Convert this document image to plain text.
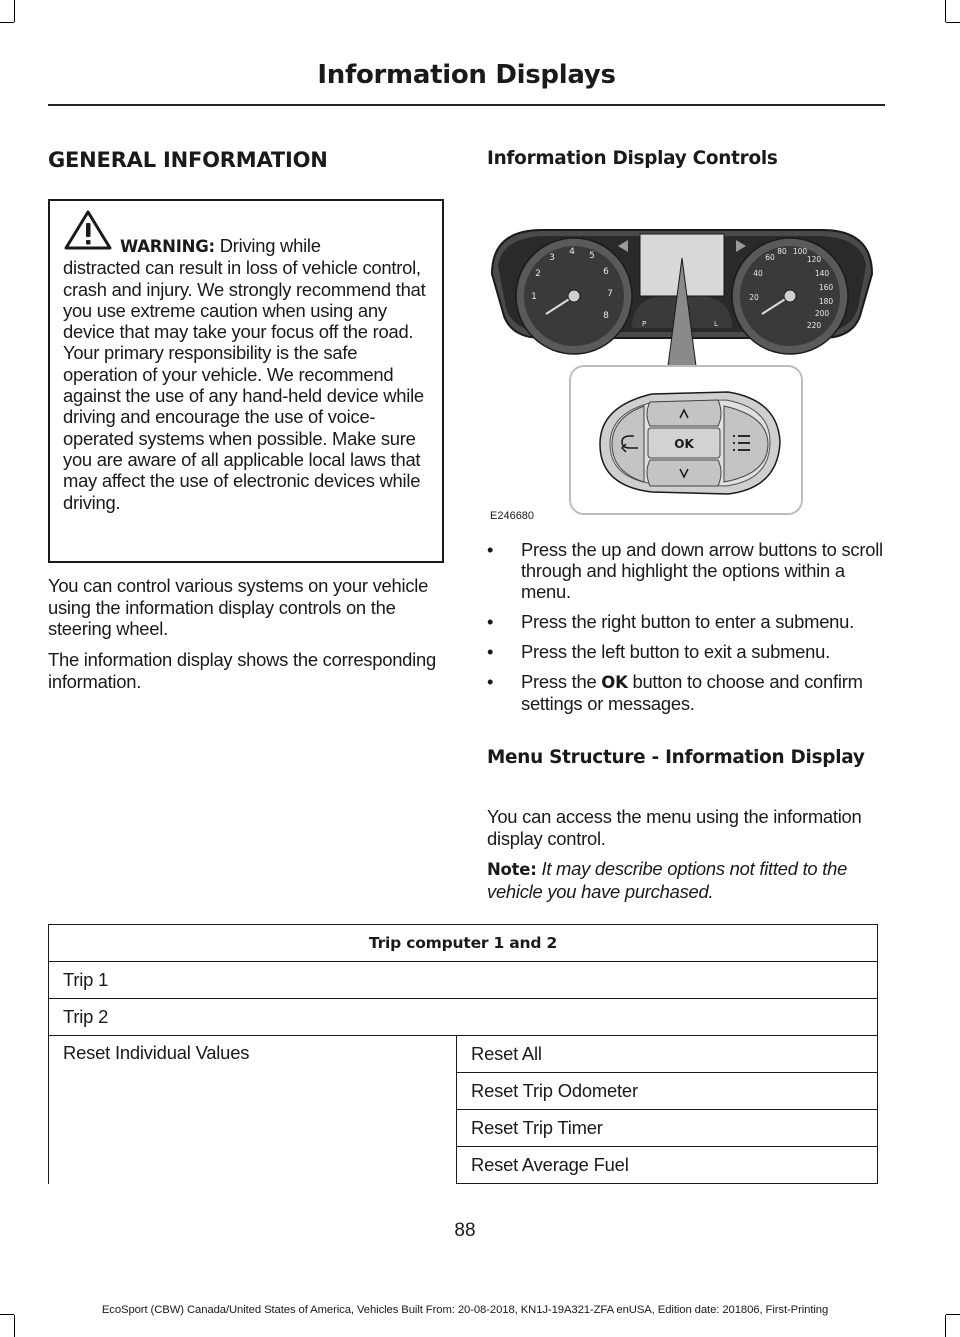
Information Displays
GENERAL INFORMATION
WARNING: Driving while
distracted can result in loss of vehicle control, crash and injury. We strongly recommend that you use extreme caution when using any device that may take your focus off the road. Your primary responsibility is the safe operation of your vehicle. We recommend against the use of any hand-held device while driving and encourage the use of voice-operated systems when possible. Make sure you are aware of all applicable local laws that may affect the use of electronic devices while driving.
You can control various systems on your vehicle using the information display controls on the steering wheel.
The information display shows the corresponding information.
Information Display Controls
1
2
3
4 5
6
7
8
20
40
60
80 100
120
140
160
180
200
220
P	L
OK
E246680
• Press the up and down arrow buttons to scroll through and highlight the options within a menu.
• Press the right button to enter a submenu.
• Press the left button to exit a submenu.
• Press the OK button to choose and confirm settings or messages.
Menu Structure - Information Display
You can access the menu using the information display control.
Note: It may describe options not fitted to the vehicle you have purchased.
Trip computer 1 and 2
Trip 1
Trip 2
Reset Individual Values	Reset All
Reset Trip Odometer
Reset Trip Timer
Reset Average Fuel
88
EcoSport (CBW) Canada/United States of America, Vehicles Built From: 20-08-2018, KN1J-19A321-ZFA enUSA, Edition date: 201806, First-Printing
